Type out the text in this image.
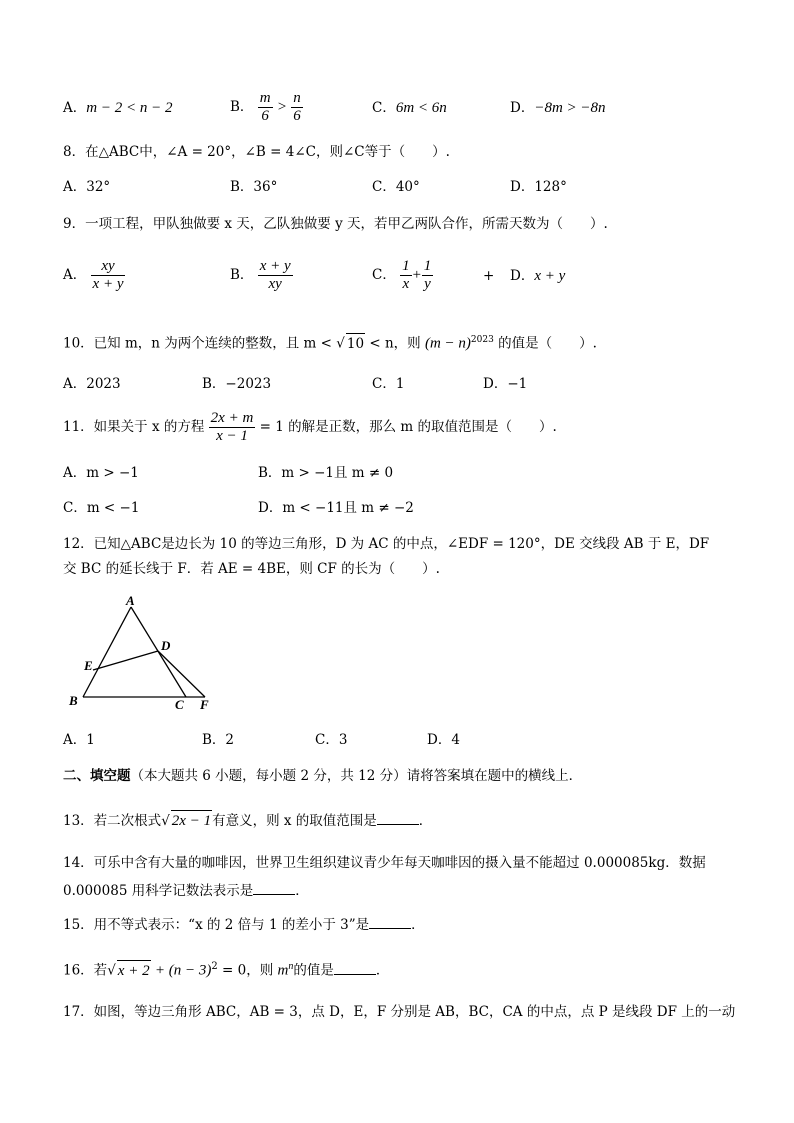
A．m − 2 < n − 2	B． $\frac{m}{6} > \frac{n}{6}$	C．6m < 6n	D．−8m > −8n
8．在△ABC中，∠A = 20°，∠B = 4∠C，则∠C等于（　　）.
A．32°	B．36°	C．40°	D．128°
9．一项工程，甲队独做要 x 天，乙队独做要 y 天，若甲乙两队合作，所需天数为（　　）.
A． $\frac{xy}{x + y}$	B． $\frac{x + y}{xy}$	C． $\frac{1}{x} + \frac{1}{y}$	+ D．x + y
10．已知 m，n 为两个连续的整数，且 m < √ 10 < n，则 $(m - n)^{2023}$ 的值是（　　）.
A．2023	B．−2023	C．1	D．−1
11．如果关于 x 的方程 $\frac{2x + m}{x - 1} = 1$ 的解是正数，那么 m 的取值范围是（　　）.
A．m > −1	B．m > −1且 m ≠ 0
C．m < −1	D．m < −11且 m ≠ −2
12．已知△ABC是边长为 10 的等边三角形，D 为 AC 的中点，∠EDF = 120°，DE 交线段 AB 于 E，DF
交 BC 的延长线于 F．若 AE = 4BE，则 CF 的长为（　　）.
A
B	C
D
E
F
A．1	B．2	C．3	D．4
二、填空题（本大题共 6 小题，每小题 2 分，共 12 分）请将答案填在题中的横线上．
13．若二次根式√ 2x − 1有意义，则 x 的取值范围是	．
14．可乐中含有大量的咖啡因，世界卫生组织建议青少年每天咖啡因的摄入量不能超过 0.000085kg．数据
0.000085 用科学记数法表示是	．
15．用不等式表示：“x 的 2 倍与 1 的差小于 3”是	．
16．若√ $x + 2 + (n - 3)^2 = 0$，则 $m^n$的值是	．
17．如图，等边三角形 ABC，AB = 3，点 D，E，F 分别是 AB，BC，CA 的中点，点 P 是线段 DF 上的一动
